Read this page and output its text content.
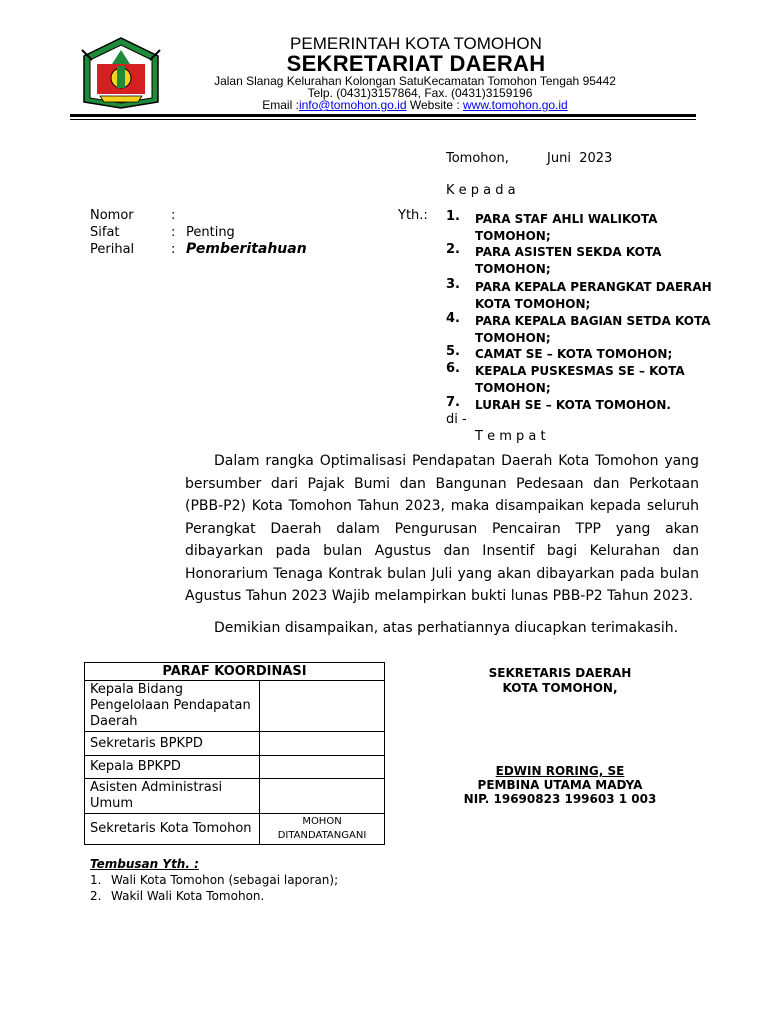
PEMERINTAH KOTA TOMOHON
SEKRETARIAT DAERAH
Jalan Slanag Kelurahan Kolongan SatuKecamatan Tomohon Tengah 95442
Telp. (0431)3157864, Fax. (0431)3159196
Email :info@tomohon.go.id Website : www.tomohon.go.id
Tomohon,	Juni  2023
K e p a d a
Nomor	:
Sifat	: Penting
Perihal	: Pemberitahuan
Yth.: 1. PARA STAF AHLI WALIKOTA TOMOHON;
2. PARA ASISTEN SEKDA KOTA TOMOHON;
3. PARA KEPALA PERANGKAT DAERAH KOTA TOMOHON;
4. PARA KEPALA BAGIAN SETDA KOTA TOMOHON;
5. CAMAT SE – KOTA TOMOHON;
6. KEPALA PUSKESMAS SE – KOTA TOMOHON;
7. LURAH SE – KOTA TOMOHON.
di -
T e m p a t
Dalam rangka Optimalisasi Pendapatan Daerah Kota Tomohon yang bersumber dari Pajak Bumi dan Bangunan Pedesaan dan Perkotaan (PBB-P2) Kota Tomohon Tahun 2023, maka disampaikan kepada seluruh Perangkat Daerah dalam Pengurusan Pencairan TPP yang akan dibayarkan pada bulan Agustus dan Insentif bagi Kelurahan dan Honorarium Tenaga Kontrak bulan Juli yang akan dibayarkan pada bulan Agustus Tahun 2023 Wajib melampirkan bukti lunas PBB-P2 Tahun 2023.
Demikian disampaikan, atas perhatiannya diucapkan terimakasih.
PARAF KOORDINASI	
Kepala Bidang Pengelolaan Pendapatan Daerah	
Sekretaris BPKPD	
Kepala BPKPD	
Asisten Administrasi Umum	
Sekretaris Kota Tomohon	MOHON DITANDATANGANI
SEKRETARIS DAERAH
KOTA TOMOHON,
EDWIN RORING, SE
PEMBINA UTAMA MADYA
NIP. 19690823 199603 1 003
Tembusan Yth. :
1. Wali Kota Tomohon (sebagai laporan);
2. Wakil Wali Kota Tomohon.
